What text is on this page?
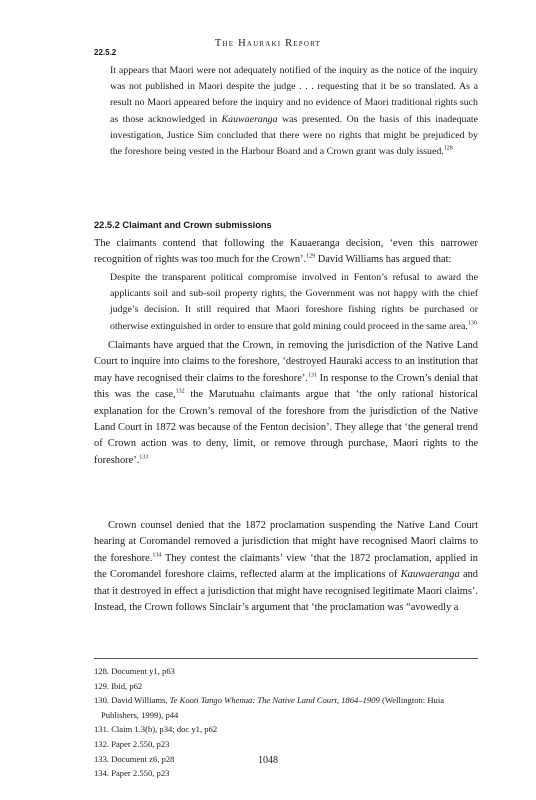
The Hauraki Report
22.5.2
It appears that Maori were not adequately notified of the inquiry as the notice of the inquiry was not published in Maori despite the judge . . . requesting that it be so translated. As a result no Maori appeared before the inquiry and no evidence of Maori traditional rights such as those acknowledged in Kauwaeranga was presented. On the basis of this inadequate investigation, Justice Sim concluded that there were no rights that might be prejudiced by the foreshore being vested in the Harbour Board and a Crown grant was duly issued.$^{128}$
22.5.2 Claimant and Crown submissions
The claimants contend that following the Kauaeranga decision, ‘even this narrower recognition of rights was too much for the Crown’.$^{129}$ David Williams has argued that:
Despite the transparent political compromise involved in Fenton’s refusal to award the applicants soil and sub-soil property rights, the Government was not happy with the chief judge’s decision. It still required that Maori foreshore fishing rights be purchased or otherwise extinguished in order to ensure that gold mining could proceed in the same area.$^{130}$
Claimants have argued that the Crown, in removing the jurisdiction of the Native Land Court to inquire into claims to the foreshore, ‘destroyed Hauraki access to an institution that may have recognised their claims to the foreshore’.$^{131}$ In response to the Crown’s denial that this was the case,$^{132}$ the Marutuahu claimants argue that ‘the only rational historical explanation for the Crown’s removal of the foreshore from the jurisdiction of the Native Land Court in 1872 was because of the Fenton decision’. They allege that ‘the general trend of Crown action was to deny, limit, or remove through purchase, Maori rights to the foreshore’.$^{133}$
Crown counsel denied that the 1872 proclamation suspending the Native Land Court hearing at Coromandel removed a jurisdiction that might have recognised Maori claims to the foreshore.$^{134}$ They contest the claimants’ view ‘that the 1872 proclamation, applied in the Coromandel foreshore claims, reflected alarm at the implications of Kauwaeranga and that it destroyed in effect a jurisdiction that might have recognised legitimate Maori claims’. Instead, the Crown follows Sinclair’s argument that ‘the proclamation was “avowedly a
128. Document y1, p63
129. Ibid, p62
130. David Williams, Te Kooti Tango Whenua: The Native Land Court, 1864–1909 (Wellington: Huia Publishers, 1999), p44
131. Claim 1.3(b), p34; doc y1, p62
132. Paper 2.550, p23
133. Document z6, p28
134. Paper 2.550, p23
1048
